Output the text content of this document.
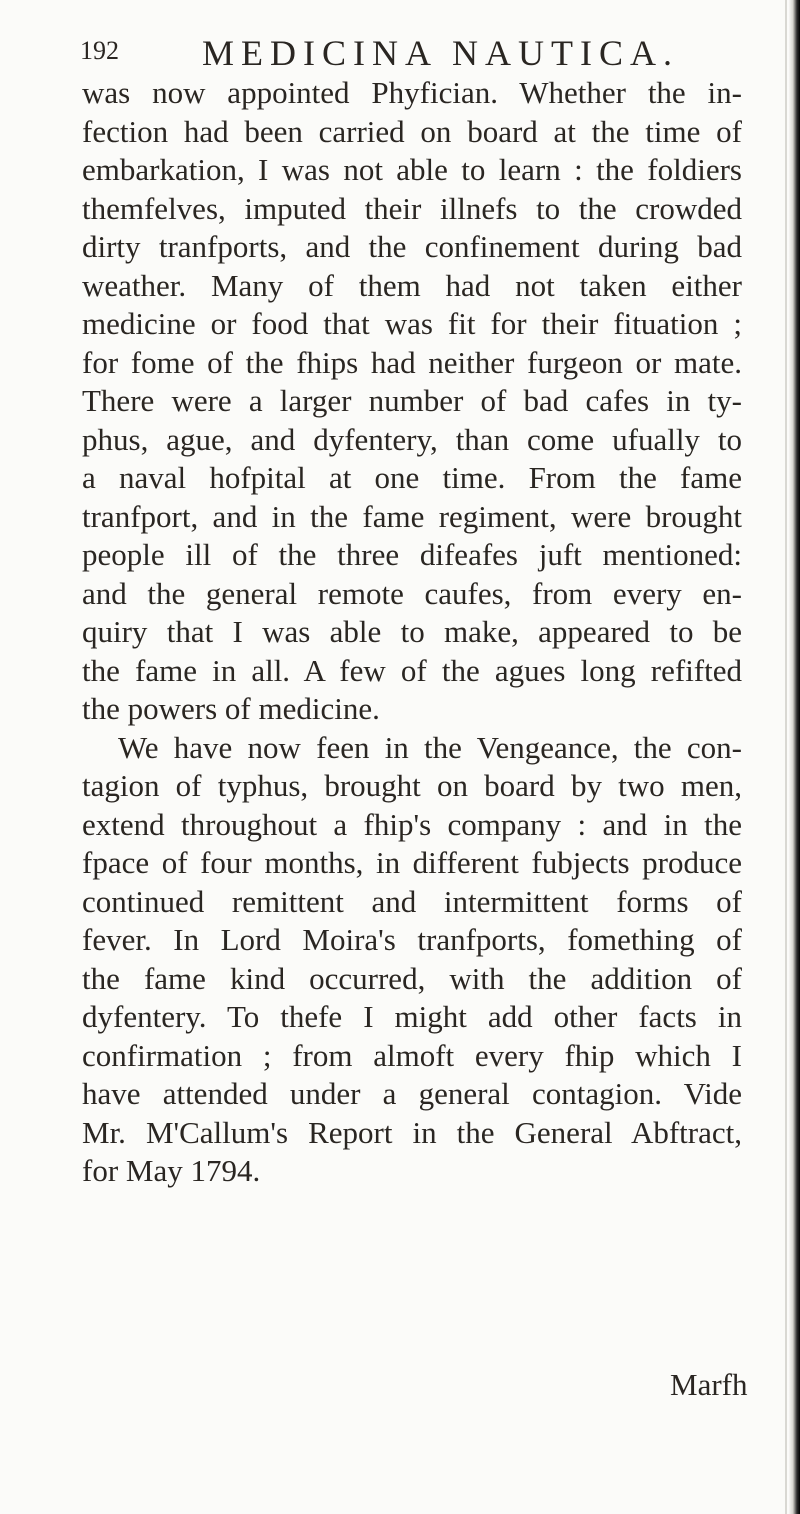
192 MEDICINA NAUTICA.
was now appointed Phyfician. Whether the in-
fection had been carried on board at the time of
embarkation, I was not able to learn : the foldiers
themfelves, imputed their illnefs to the crowded
dirty tranfports, and the confinement during bad
weather. Many of them had not taken either
medicine or food that was fit for their fituation ;
for fome of the fhips had neither furgeon or mate.
There were a larger number of bad cafes in ty-
phus, ague, and dyfentery, than come ufually to
a naval hofpital at one time. From the fame
tranfport, and in the fame regiment, were brought
people ill of the three difeafes juft mentioned:
and the general remote caufes, from every en-
quiry that I was able to make, appeared to be
the fame in all. A few of the agues long refifted
the powers of medicine.
We have now feen in the Vengeance, the con-
tagion of typhus, brought on board by two men,
extend throughout a fhip's company : and in the
fpace of four months, in different fubjects produce
continued remittent and intermittent forms of
fever. In Lord Moira's tranfports, fomething of
the fame kind occurred, with the addition of
dyfentery. To thefe I might add other facts in
confirmation ; from almoft every fhip which I
have attended under a general contagion. Vide
Mr. M'Callum's Report in the General Abftract,
for May 1794.
Marfh
